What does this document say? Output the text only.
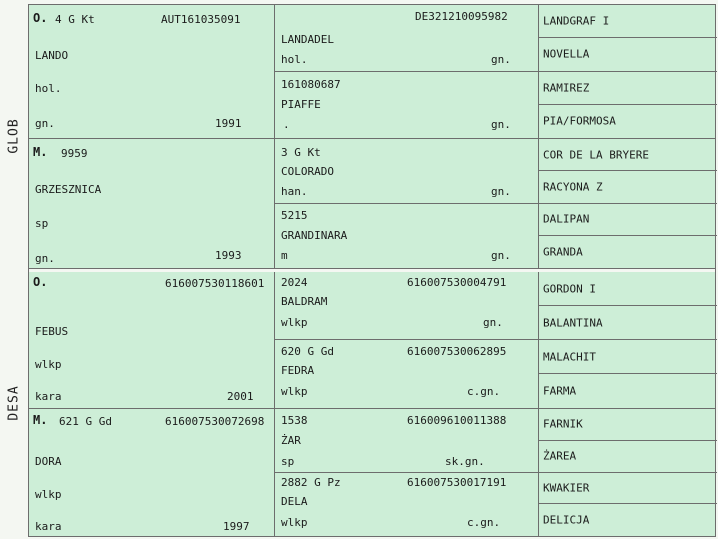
GLOB
DESA
O. 4 G Kt	AUT161035091
LANDO
hol.
gn.	1991
DE321210095982
LANDADEL
hol.	gn.
161080687
PIAFFE
.	gn.
LANDGRAF I
NOVELLA
RAMIREZ
PIA/FORMOSA
M. 9959
GRZESZNICA
sp
gn.	1993
3 G Kt
COLORADO
han.	gn.
5215
GRANDINARA
m	gn.
COR DE LA BRYERE
RACYONA Z
DALIPAN
GRANDA
O.	616007530118601
FEBUS
wlkp
kara	2001
2024	616007530004791
BALDRAM
wlkp	gn.
620 G Gd	616007530062895
FEDRA
wlkp	c.gn.
GORDON I
BALANTINA
MALACHIT
FARMA
M. 621 G Gd	616007530072698
DORA
wlkp
kara	1997
1538	616009610011388
ŻAR
sp	sk.gn.
2882 G Pz	616007530017191
DELA
wlkp	c.gn.
FARNIK
ŻAREA
KWAKIER
DELICJA
